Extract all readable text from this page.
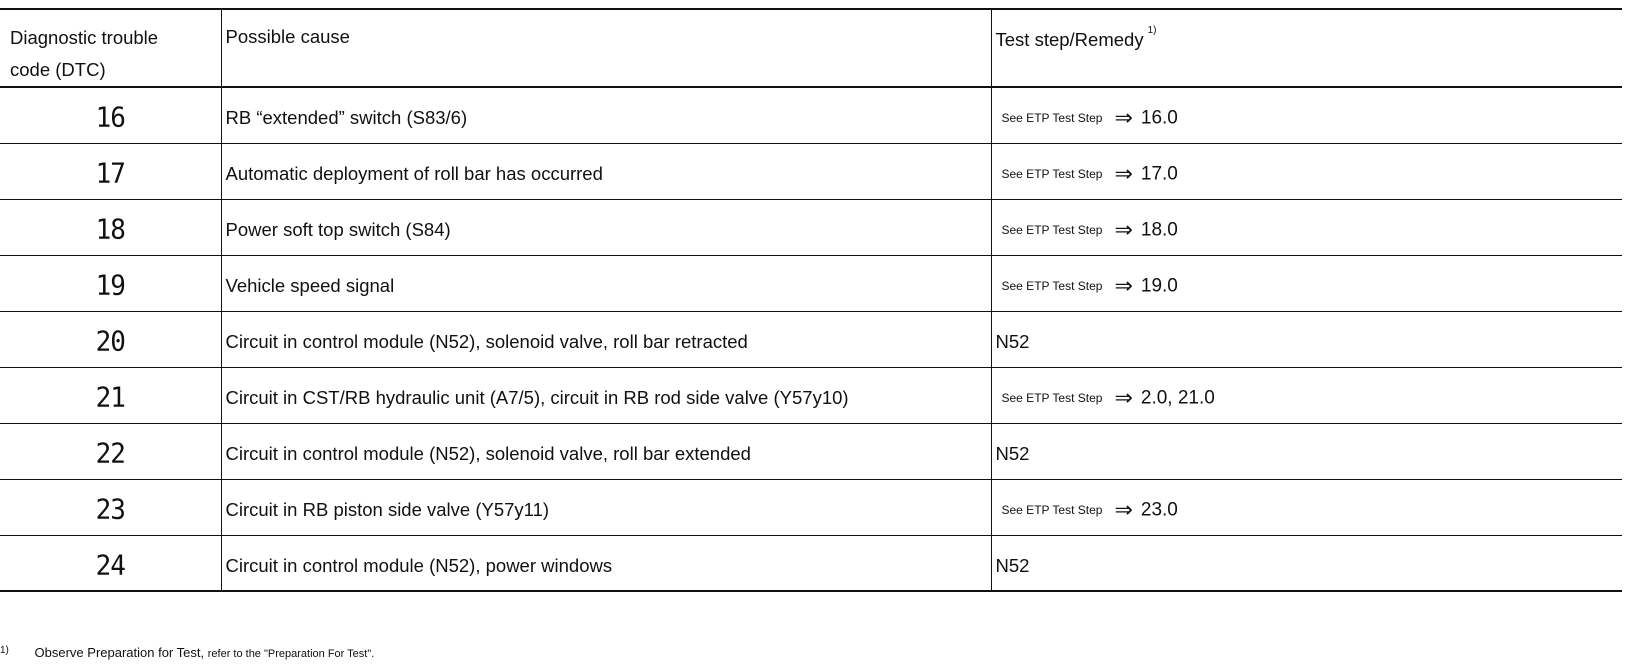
Diagnostic trouble
code (DTC)	Possible cause	Test step/Remedy $^{1)}$
16	RB “extended” switch (S83/6)	See ETP Test Step ⇒ 16.0
17	Automatic deployment of roll bar has occurred	See ETP Test Step ⇒ 17.0
18	Power soft top switch (S84)	See ETP Test Step ⇒ 18.0
19	Vehicle speed signal	See ETP Test Step ⇒ 19.0
20	Circuit in control module (N52), solenoid valve, roll bar retracted	N52
21	Circuit in CST/RB hydraulic unit (A7/5), circuit in RB rod side valve (Y57y10)	See ETP Test Step ⇒ 2.0, 21.0
22	Circuit in control module (N52), solenoid valve, roll bar extended	N52
23	Circuit in RB piston side valve (Y57y11)	See ETP Test Step ⇒ 23.0
24	Circuit in control module (N52), power windows	N52
$^{1)}$ Observe Preparation for Test, refer to the "Preparation For Test".
